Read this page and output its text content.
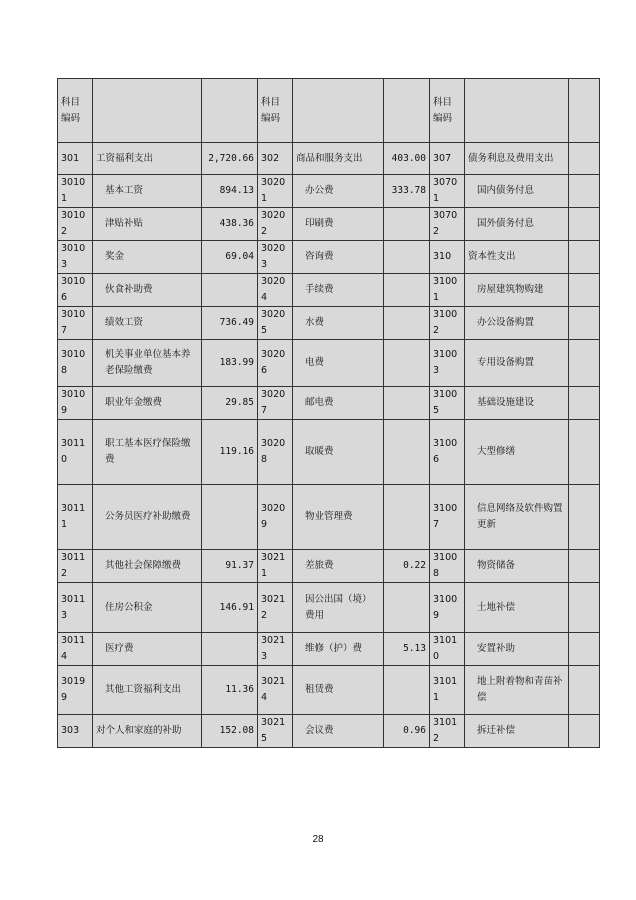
科目编码			科目编码			科目编码		
301	工资福利支出	2,720.66	302	商品和服务支出	403.00	307	债务利息及费用支出	
30101	基本工资	894.13	30201	办公费	333.78	30701	国内债务付息	
30102	津贴补贴	438.36	30202	印刷费		30702	国外债务付息	
30103	奖金	69.04	30203	咨询费		310	资本性支出	
30106	伙食补助费		30204	手续费		31001	房屋建筑物购建	
30107	绩效工资	736.49	30205	水费		31002	办公设备购置	
30108	机关事业单位基本养老保险缴费	183.99	30206	电费		31003	专用设备购置	
30109	职业年金缴费	29.85	30207	邮电费		31005	基础设施建设	
30110	职工基本医疗保险缴费	119.16	30208	取暖费		31006	大型修缮	
30111	公务员医疗补助缴费		30209	物业管理费		31007	信息网络及软件购置更新	
30112	其他社会保障缴费	91.37	30211	差旅费	0.22	31008	物资储备	
30113	住房公积金	146.91	30212	因公出国（境）费用		31009	土地补偿	
30114	医疗费		30213	维修（护）费	5.13	31010	安置补助	
30199	其他工资福利支出	11.36	30214	租赁费		31011	地上附着物和青苗补偿	
303	对个人和家庭的补助	152.08	30215	会议费	0.96	31012	拆迁补偿	
28
